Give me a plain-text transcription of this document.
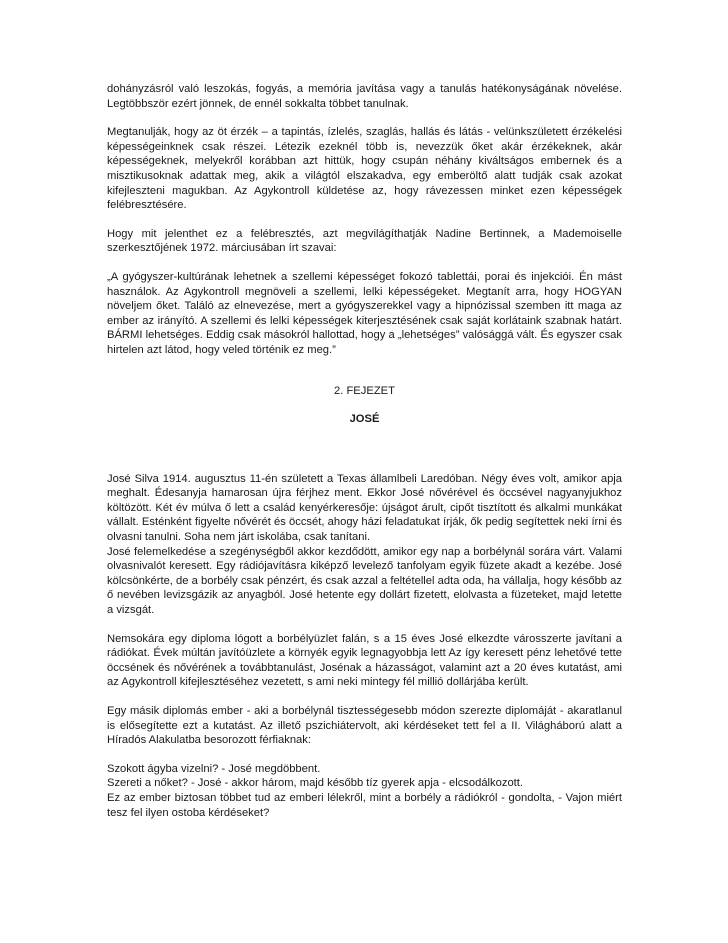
dohányzásról való leszokás, fogyás, a memória javítása vagy a tanulás hatékonyságának növelése. Legtöbbször ezért jönnek, de ennél sokkalta többet tanulnak.

Megtanulják, hogy az öt érzék – a tapintás, ízlelés, szaglás, hallás és látás - velünkszületett érzékelési képességeinknek csak részei. Létezik ezeknél több is, nevezzük őket akár érzékeknek, akár képességeknek, melyekről korábban azt hittük, hogy csupán néhány kiváltságos embernek és a misztikusoknak adattak meg, akik a világtól elszakadva, egy emberöltő alatt tudják csak azokat kifejleszteni magukban. Az Agykontroll küldetése az, hogy rávezessen minket ezen képességek felébresztésére.

Hogy mit jelenthet ez a felébresztés, azt megvilágíthatják Nadine Bertinnek, a Mademoiselle szerkesztőjének 1972. márciusában írt szavai:

„A gyógyszer-kultúrának lehetnek a szellemi képességet fokozó tablettái, porai és injekciói. Én mást használok. Az Agykontroll megnöveli a szellemi, lelki képességeket. Megtanít arra, hogy HOGYAN növeljem őket. Találó az elnevezése, mert a gyógyszerekkel vagy a hipnózissal szemben itt maga az ember az irányító. A szellemi és lelki képességek kiterjesztésének csak saját korlátaink szabnak határt. BÁRMI lehetséges. Eddig csak másokról hallottad, hogy a „lehetséges” valósággá vált. És egyszer csak hirtelen azt látod, hogy veled történik ez meg.”

2. FEJEZET
JOSÉ

José Silva 1914. augusztus 11-én született a Texas államlbeli Laredóban. Négy éves volt, amikor apja meghalt. Édesanyja hamarosan újra férjhez ment. Ekkor José nővérével és öccsével nagyanyjukhoz költözött. Két év múlva ő lett a család kenyérkeresője: újságot árult, cipőt tisztított és alkalmi munkákat vállalt. Esténként figyelte nővérét és öccsét, ahogy házi feladatukat írják, ők pedig segítettek neki írni és olvasni tanulni. Soha nem járt iskolába, csak tanítani.

José felemelkedése a szegénységből akkor kezdődött, amikor egy nap a borbélynál sorára várt. Valami olvasnivalót keresett. Egy rádiójavításra kiképző levelező tanfolyam egyik füzete akadt a kezébe. José kölcsönkérte, de a borbély csak pénzért, és csak azzal a feltétellel adta oda, ha vállalja, hogy később az ő nevében levizsgázik az anyagból. José hetente egy dollárt fizetett, elolvasta a füzeteket, majd letette a vizsgát.

Nemsokára egy diploma lógott a borbélyüzlet falán, s a 15 éves José elkezdte városszerte javítani a rádiókat. Évek múltán javítóüzlete a környék egyik legnagyobbja lett Az így keresett pénz lehetővé tette öccsének és nővérének a továbbtanulást, Josénak a házasságot, valamint azt a 20 éves kutatást, ami az Agykontroll kifejlesztéséhez vezetett, s ami neki mintegy fél millió dollárjába került.

Egy másik diplomás ember - aki a borbélynál tisztességesebb módon szerezte diplomáját - akaratlanul is elősegítette ezt a kutatást. Az illető pszichiátervolt, aki kérdéseket tett fel a II. Világháború alatt a Híradós Alakulatba besorozott férfiaknak:

Szokott ágyba vizelni? - José megdöbbent.

Szereti a nőket? - José - akkor három, majd később tíz gyerek apja - elcsodálkozott.

Ez az ember biztosan többet tud az emberi lélekről, mint a borbély a rádiókról - gondolta, - Vajon miért tesz fel ilyen ostoba kérdéseket?
